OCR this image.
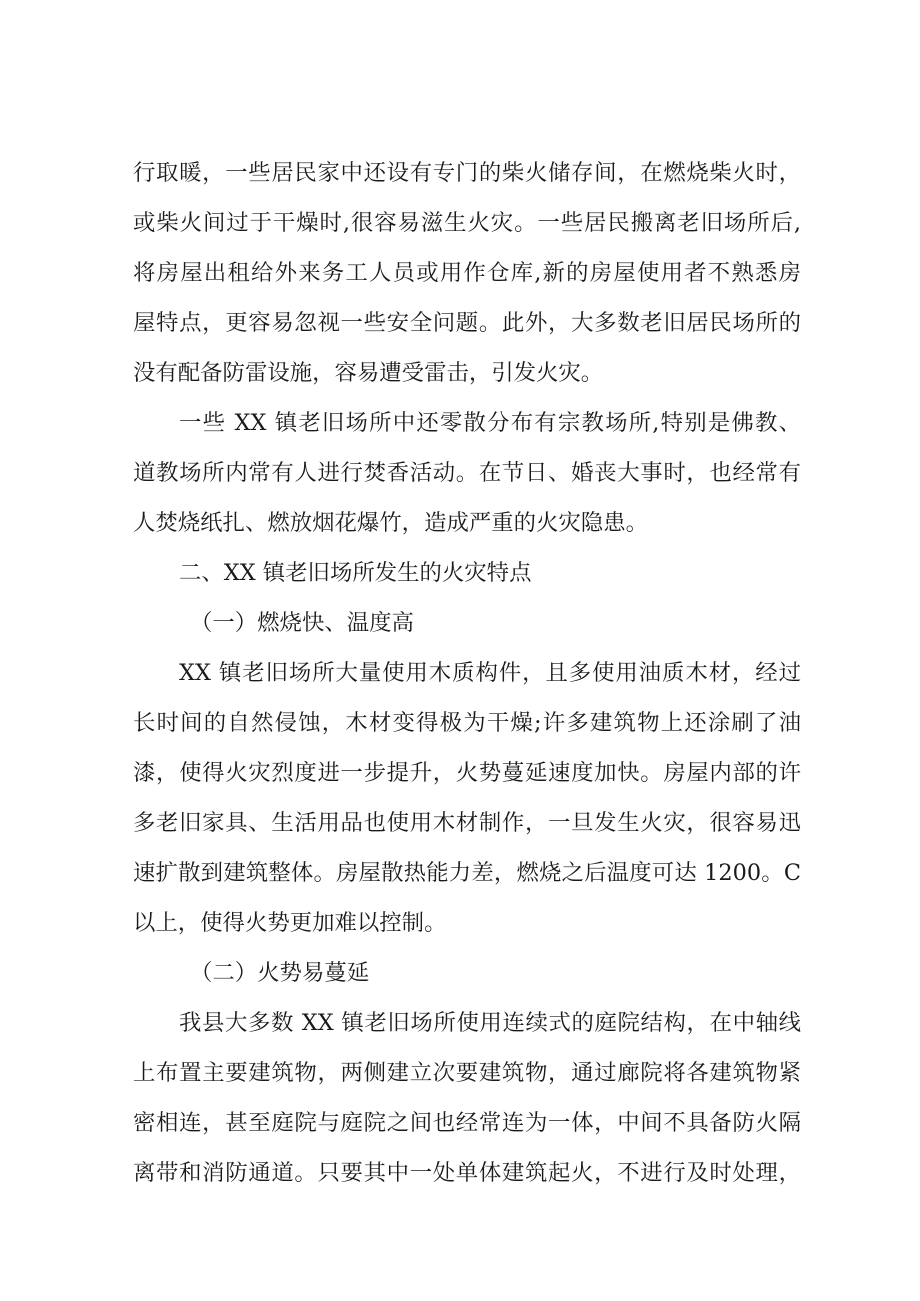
行取暖，一些居民家中还设有专门的柴火储存间，在燃烧柴火时，
或柴火间过于干燥时,很容易滋生火灾。一些居民搬离老旧场所后,
将房屋出租给外来务工人员或用作仓库,新的房屋使用者不熟悉房
屋特点，更容易忽视一些安全问题。此外，大多数老旧居民场所的
没有配备防雷设施，容易遭受雷击，引发火灾。
一些 XX 镇老旧场所中还零散分布有宗教场所,特别是佛教、
道教场所内常有人进行焚香活动。在节日、婚丧大事时，也经常有
人焚烧纸扎、燃放烟花爆竹，造成严重的火灾隐患。
二、XX 镇老旧场所发生的火灾特点
（一）燃烧快、温度高
XX 镇老旧场所大量使用木质构件，且多使用油质木材，经过
长时间的自然侵蚀，木材变得极为干燥;许多建筑物上还涂刷了油
漆，使得火灾烈度进一步提升，火势蔓延速度加快。房屋内部的许
多老旧家具、生活用品也使用木材制作，一旦发生火灾，很容易迅
速扩散到建筑整体。房屋散热能力差，燃烧之后温度可达 1200。C
以上，使得火势更加难以控制。
（二）火势易蔓延
我县大多数 XX 镇老旧场所使用连续式的庭院结构，在中轴线
上布置主要建筑物，两侧建立次要建筑物，通过廊院将各建筑物紧
密相连，甚至庭院与庭院之间也经常连为一体，中间不具备防火隔
离带和消防通道。只要其中一处单体建筑起火，不进行及时处理，
